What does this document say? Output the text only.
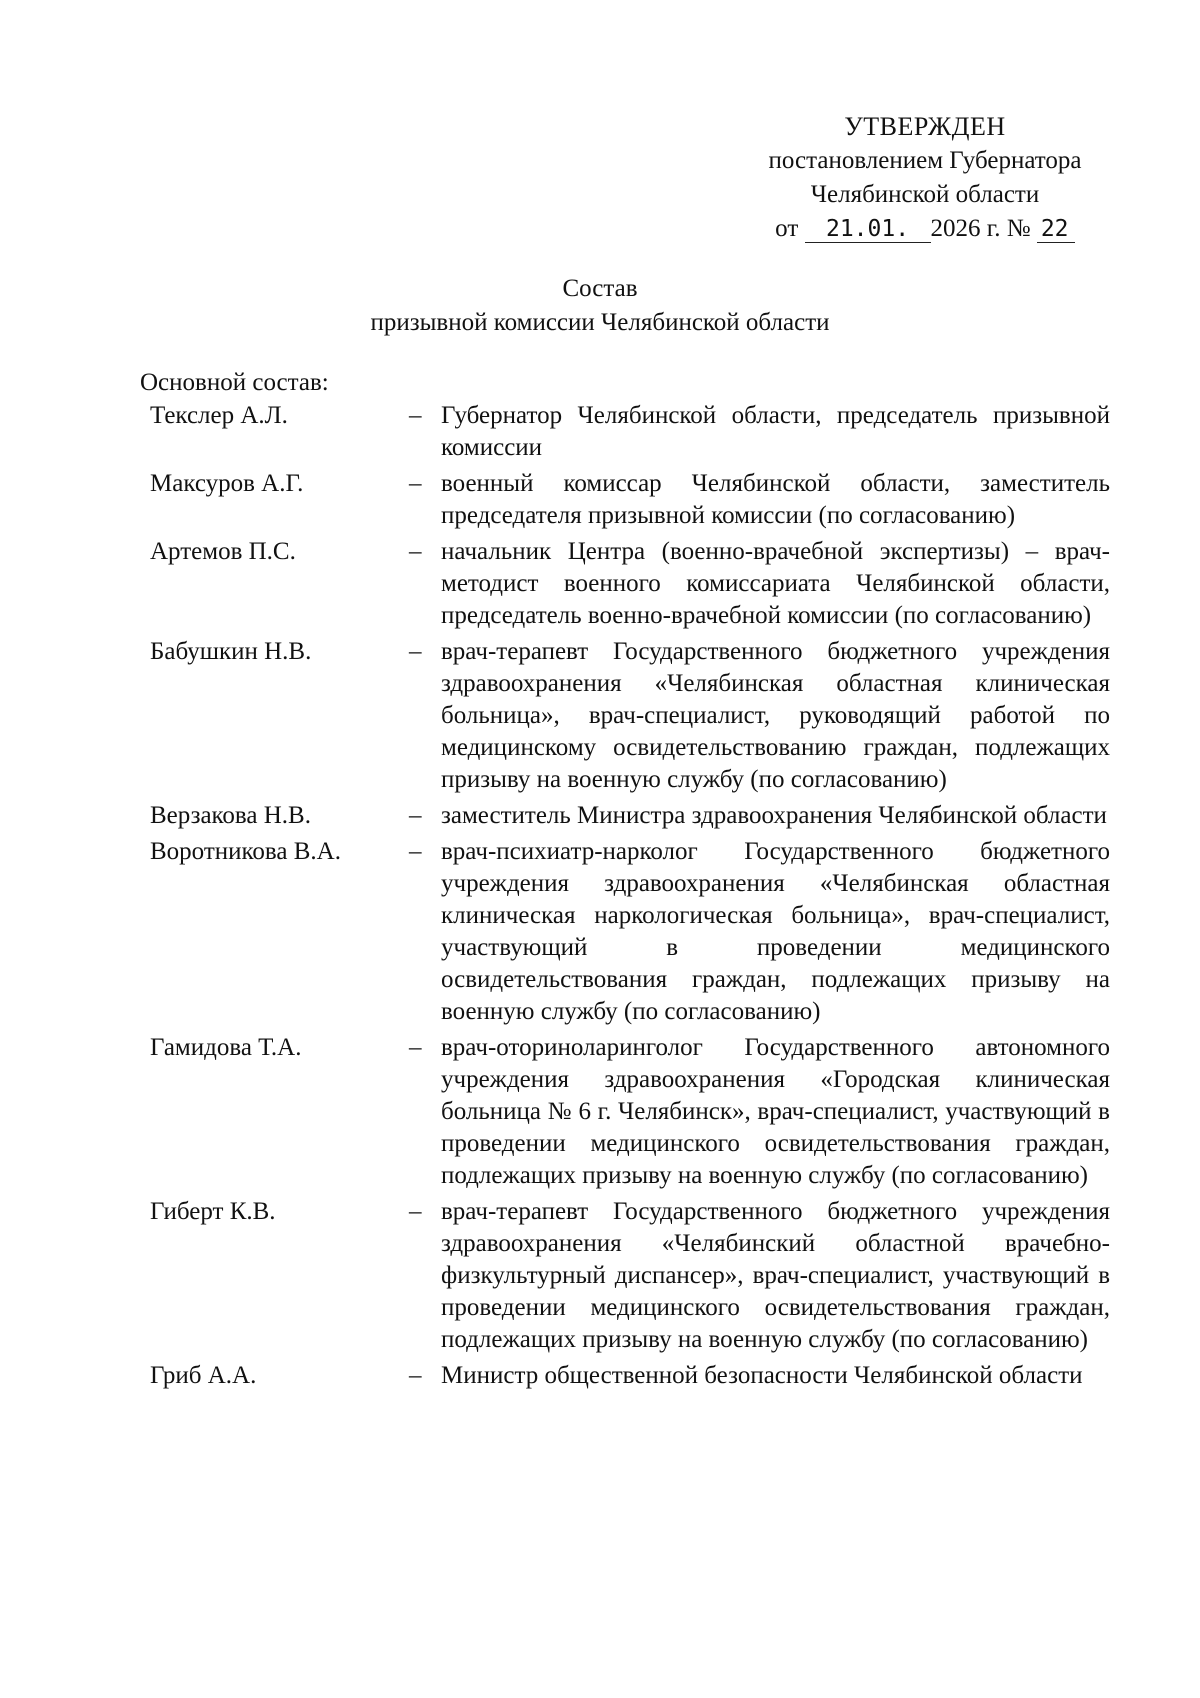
УТВЕРЖДЕН
постановлением Губернатора
Челябинской области
от 21.01. 2026 г. № 22
Состав
призывной комиссии Челябинской области
Основной состав:
Текслер А.Л.	– Губернатор Челябинской области, председатель призывной комиссии
Максуров А.Г.	– военный комиссар Челябинской области, заместитель председателя призывной комиссии (по согласованию)
Артемов П.С.	– начальник Центра (военно-врачебной экспертизы) – врач-методист военного комиссариата Челябинской области, председатель военно-врачебной комиссии (по согласованию)
Бабушкин Н.В.	– врач-терапевт Государственного бюджетного учреждения здравоохранения «Челябинская областная клиническая больница», врач-специалист, руководящий работой по медицинскому освидетельствованию граждан, подлежащих призыву на военную службу (по согласованию)
Верзакова Н.В.	– заместитель Министра здравоохранения Челябинской области
Воротникова В.А.	– врач-психиатр-нарколог Государственного бюджетного учреждения здравоохранения «Челябинская областная клиническая наркологическая больница», врач-специалист, участвующий в проведении медицинского освидетельствования граждан, подлежащих призыву на военную службу (по согласованию)
Гамидова Т.А.	– врач-оториноларинголог Государственного автономного учреждения здравоохранения «Городская клиническая больница № 6 г. Челябинск», врач-специалист, участвующий в проведении медицинского освидетельствования граждан, подлежащих призыву на военную службу (по согласованию)
Гиберт К.В.	– врач-терапевт Государственного бюджетного учреждения здравоохранения «Челябинский областной врачебно-физкультурный диспансер», врач-специалист, участвующий в проведении медицинского освидетельствования граждан, подлежащих призыву на военную службу (по согласованию)
Гриб А.А.	– Министр общественной безопасности Челябинской области
